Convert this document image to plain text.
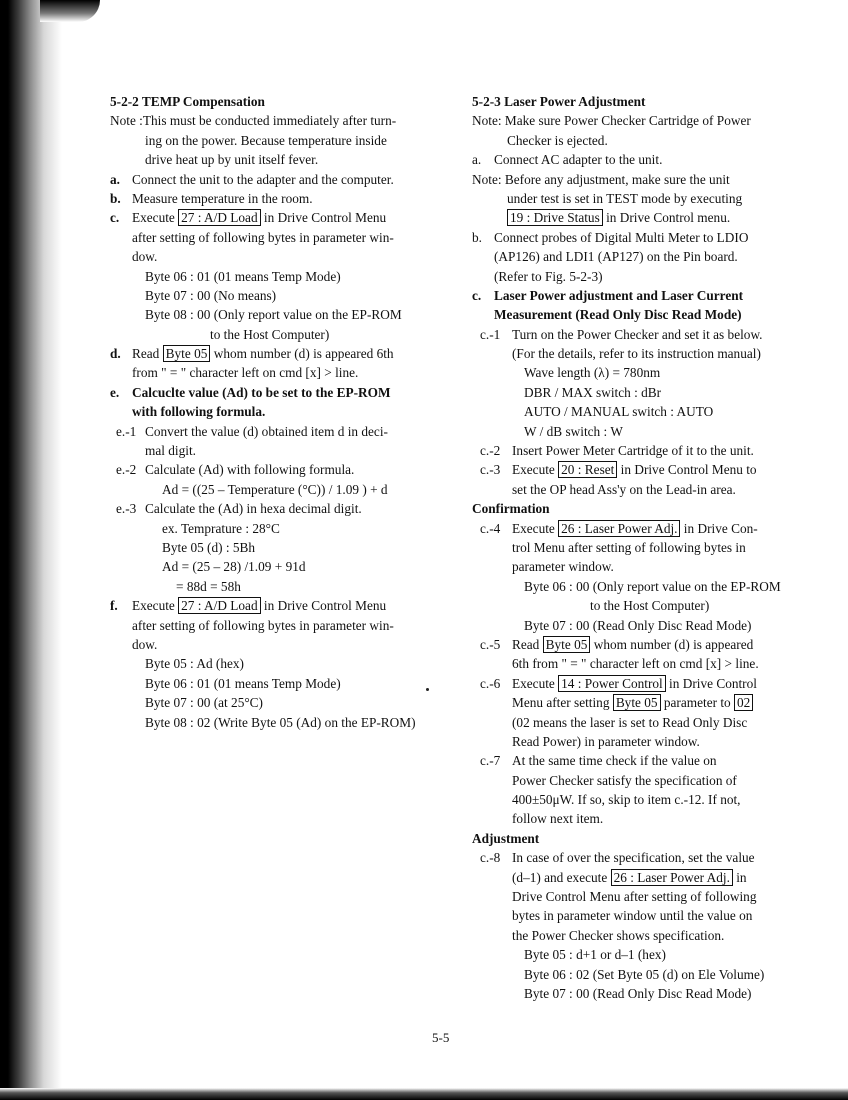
5-2-2 TEMP Compensation
Note :This must be conducted immediately after turn-
ing on the power. Because temperature inside
drive heat up by unit itself fever.
a. Connect the unit to the adapter and the computer.
b. Measure temperature in the room.
c. Execute 27 : A/D Load in Drive Control Menu
after setting of following bytes in parameter win-
dow.
Byte 06 : 01 (01 means Temp Mode)
Byte 07 : 00 (No means)
Byte 08 : 00 (Only report value on the EP-ROM
to the Host Computer)
d. Read Byte 05 whom number (d) is appeared 6th
from " = " character left on cmd [x] > line.
e. Calcuclte value (Ad) to be set to the EP-ROM
with following formula.
e.-1 Convert the value (d) obtained item d in deci-
mal digit.
e.-2 Calculate (Ad) with following formula.
Ad = ((25 – Temperature (°C)) / 1.09 ) + d
e.-3 Calculate the (Ad) in hexa decimal digit.
ex. Temprature : 28°C
Byte 05 (d) : 5Bh
Ad = (25 – 28) /1.09 + 91d
= 88d = 58h
f. Execute 27 : A/D Load in Drive Control Menu
after setting of following bytes in parameter win-
dow.
Byte 05 : Ad (hex)
Byte 06 : 01 (01 means Temp Mode)
Byte 07 : 00 (at 25°C)
Byte 08 : 02 (Write Byte 05 (Ad) on the EP-ROM)
5-2-3 Laser Power Adjustment
Note: Make sure Power Checker Cartridge of Power
Checker is ejected.
a. Connect AC adapter to the unit.
Note: Before any adjustment, make sure the unit
under test is set in TEST mode by executing
19 : Drive Status in Drive Control menu.
b. Connect probes of Digital Multi Meter to LDIO
(AP126) and LDI1 (AP127) on the Pin board.
(Refer to Fig. 5-2-3)
c. Laser Power adjustment and Laser Current
Measurement (Read Only Disc Read Mode)
c.-1 Turn on the Power Checker and set it as below.
(For the details, refer to its instruction manual)
Wave length (λ) = 780nm
DBR / MAX switch : dBr
AUTO / MANUAL switch : AUTO
W / dB switch : W
c.-2 Insert Power Meter Cartridge of it to the unit.
c.-3 Execute 20 : Reset in Drive Control Menu to
set the OP head Ass'y on the Lead-in area.
Confirmation
c.-4 Execute 26 : Laser Power Adj. in Drive Con-
trol Menu after setting of following bytes in
parameter window.
Byte 06 : 00 (Only report value on the EP-ROM
to the Host Computer)
Byte 07 : 00 (Read Only Disc Read Mode)
c.-5 Read Byte 05 whom number (d) is appeared
6th from " = " character left on cmd [x] > line.
c.-6 Execute 14 : Power Control in Drive Control
Menu after setting Byte 05 parameter to 02
(02 means the laser is set to Read Only Disc
Read Power) in parameter window.
c.-7 At the same time check if the value on
Power Checker satisfy the specification of
400±50μW. If so, skip to item c.-12. If not,
follow next item.
Adjustment
c.-8 In case of over the specification, set the value
(d–1) and execute 26 : Laser Power Adj. in
Drive Control Menu after setting of following
bytes in parameter window until the value on
the Power Checker shows specification.
Byte 05 : d+1 or d–1 (hex)
Byte 06 : 02 (Set Byte 05 (d) on Ele Volume)
Byte 07 : 00 (Read Only Disc Read Mode)
5-5
